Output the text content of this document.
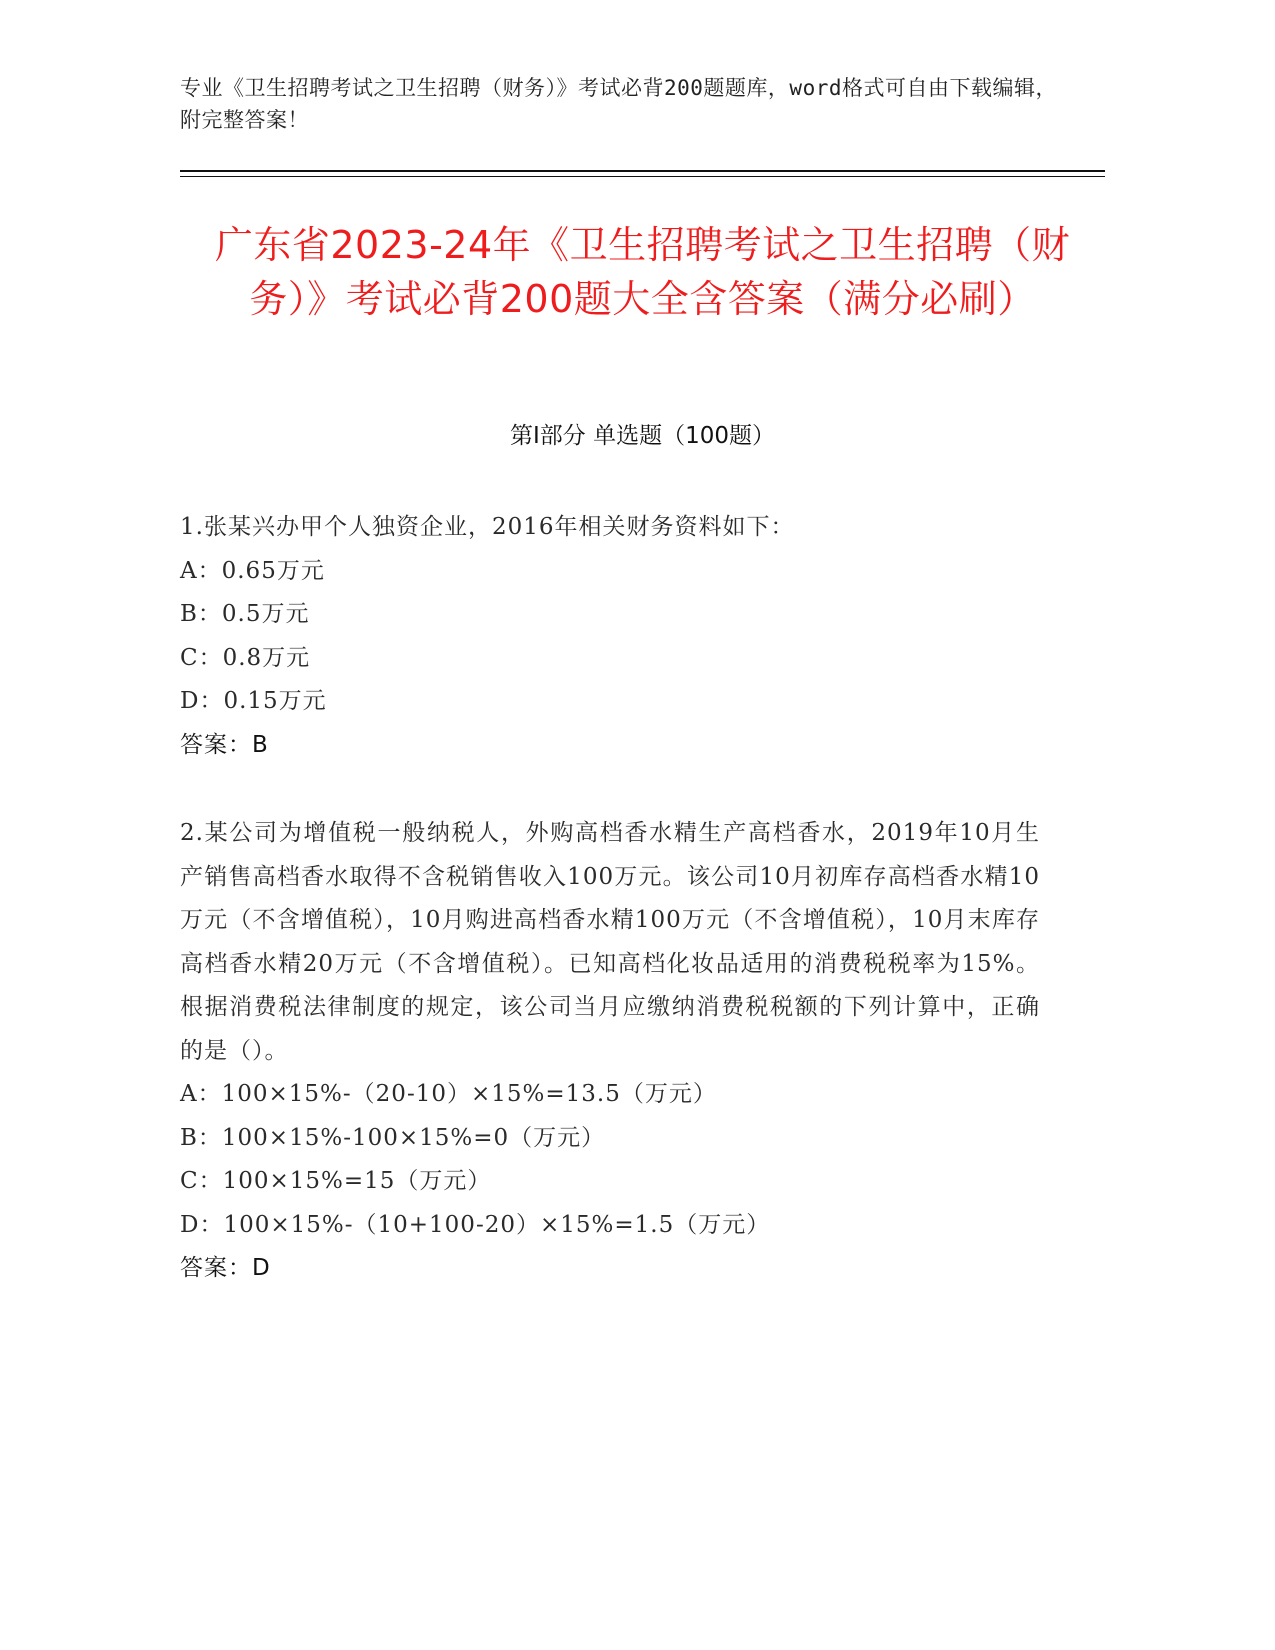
专业《卫生招聘考试之卫生招聘（财务）》考试必背200题题库，word格式可自由下载编辑，附完整答案！
广东省2023-24年《卫生招聘考试之卫生招聘（财务）》考试必背200题大全含答案（满分必刷）
第I部分 单选题（100题）
1.张某兴办甲个人独资企业，2016年相关财务资料如下：
A：0.65万元
B：0.5万元
C：0.8万元
D：0.15万元
答案：B
2.某公司为增值税一般纳税人，外购高档香水精生产高档香水，2019年10月生产销售高档香水取得不含税销售收入100万元。该公司10月初库存高档香水精10万元（不含增值税），10月购进高档香水精100万元（不含增值税），10月末库存高档香水精20万元（不含增值税）。已知高档化妆品适用的消费税税率为15%。根据消费税法律制度的规定，该公司当月应缴纳消费税税额的下列计算中，正确的是（）。
A：100×15%-（20-10）×15%=13.5（万元）
B：100×15%-100×15%=0（万元）
C：100×15%=15（万元）
D：100×15%-（10+100-20）×15%=1.5（万元）
答案：D
